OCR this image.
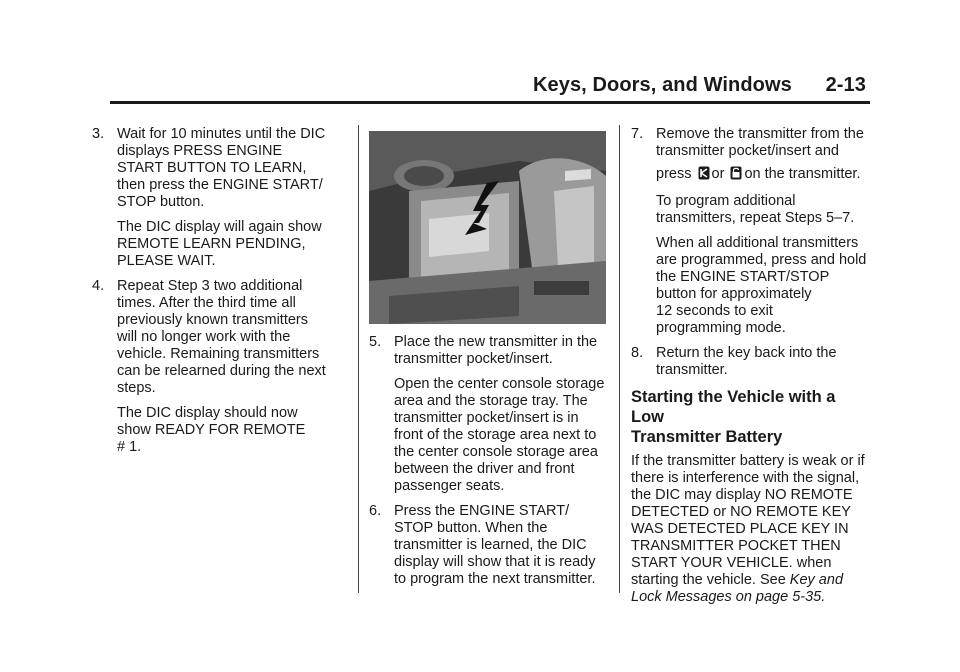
Keys, Doors, and Windows 2-13
3. Wait for 10 minutes until the DIC
displays PRESS ENGINE
START BUTTON TO LEARN,
then press the ENGINE START/
STOP button.
The DIC display will again show
REMOTE LEARN PENDING,
PLEASE WAIT.
4. Repeat Step 3 two additional
times. After the third time all
previously known transmitters
will no longer work with the
vehicle. Remaining transmitters
can be relearned during the next
steps.
The DIC display should now
show READY FOR REMOTE
# 1.
5. Place the new transmitter in the
transmitter pocket/insert.
Open the center console storage
area and the storage tray. The
transmitter pocket/insert is in
front of the storage area next to
the center console storage area
between the driver and front
passenger seats.
6. Press the ENGINE START/
STOP button. When the
transmitter is learned, the DIC
display will show that it is ready
to program the next transmitter.
7. Remove the transmitter from the
transmitter pocket/insert and
press or on the transmitter.
To program additional
transmitters, repeat Steps 5–7.
When all additional transmitters
are programmed, press and hold
the ENGINE START/STOP
button for approximately
12 seconds to exit
programming mode.
8. Return the key back into the
transmitter.
Starting the Vehicle with a Low
Transmitter Battery
If the transmitter battery is weak or if
there is interference with the signal,
the DIC may display NO REMOTE
DETECTED or NO REMOTE KEY
WAS DETECTED PLACE KEY IN
TRANSMITTER POCKET THEN
START YOUR VEHICLE. when
starting the vehicle. See Key and
Lock Messages on page 5-35.
